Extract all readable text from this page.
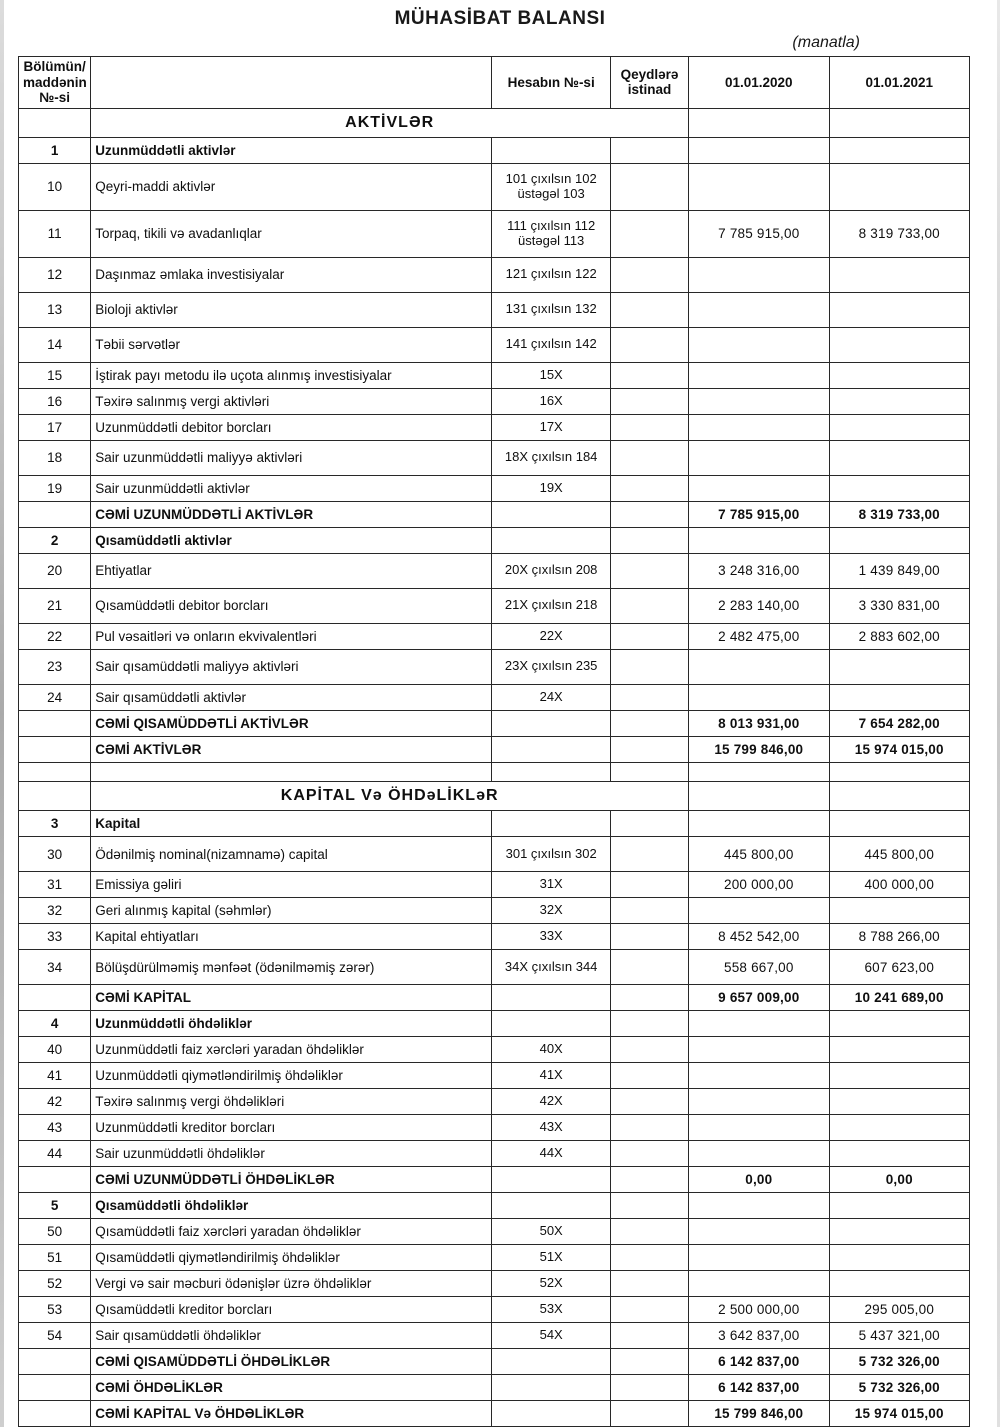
MÜHASİBAT BALANSI
(manatla)
Bölümün/ maddənin №-si		Hesabın №-si	Qeydlərə istinad	01.01.2020	01.01.2021
	AKTİVLƏR				
1	Uzunmüddətli aktivlər				
10	Qeyri-maddi aktivlər	101 çıxılsın 102 üstəgəl 103			
11	Torpaq, tikili və avadanlıqlar	111 çıxılsın 112 üstəgəl 113		7 785 915,00	8 319 733,00
12	Daşınmaz əmlaka investisiyalar	121 çıxılsın 122			
13	Bioloji aktivlər	131 çıxılsın 132			
14	Təbii sərvətlər	141 çıxılsın 142			
15	İştirak payı metodu ilə uçota alınmış investisiyalar	15X			
16	Təxirə salınmış vergi aktivləri	16X			
17	Uzunmüddətli debitor borcları	17X			
18	Sair uzunmüddətli maliyyə aktivləri	18X çıxılsın 184			
19	Sair uzunmüddətli aktivlər	19X			
	CƏMİ UZUNMÜDDƏTLİ AKTİVLƏR			7 785 915,00	8 319 733,00
2	Qısamüddətli aktivlər				
20	Ehtiyatlar	20X çıxılsın 208		3 248 316,00	1 439 849,00
21	Qısamüddətli debitor borcları	21X çıxılsın 218		2 283 140,00	3 330 831,00
22	Pul vəsaitləri və onların ekvivalentləri	22X		2 482 475,00	2 883 602,00
23	Sair qısamüddətli maliyyə aktivləri	23X çıxılsın 235			
24	Sair qısamüddətli aktivlər	24X			
	CƏMİ QISAMÜDDƏTLİ AKTİVLƏR			8 013 931,00	7 654 282,00
	CƏMİ AKTİVLƏR			15 799 846,00	15 974 015,00

	KAPİTAL Və ÖHDəLİKLəR				
3	Kapital				
30	Ödənilmiş nominal(nizamnamə) capital	301 çıxılsın 302		445 800,00	445 800,00
31	Emissiya gəliri	31X		200 000,00	400 000,00
32	Geri alınmış kapital (səhmlər)	32X			
33	Kapital ehtiyatları	33X		8 452 542,00	8 788 266,00
34	Bölüşdürülməmiş mənfəət (ödənilməmiş zərər)	34X çıxılsın 344		558 667,00	607 623,00
	CƏMİ KAPİTAL			9 657 009,00	10 241 689,00
4	Uzunmüddətli öhdəliklər				
40	Uzunmüddətli faiz xərcləri yaradan öhdəliklər	40X			
41	Uzunmüddətli qiymətləndirilmiş öhdəliklər	41X			
42	Təxirə salınmış vergi öhdəlikləri	42X			
43	Uzunmüddətli kreditor borcları	43X			
44	Sair uzunmüddətli öhdəliklər	44X			
	CƏMİ UZUNMÜDDƏTLİ ÖHDƏLİKLƏR			0,00	0,00
5	Qısamüddətli öhdəliklər				
50	Qısamüddətli faiz xərcləri yaradan öhdəliklər	50X			
51	Qısamüddətli qiymətləndirilmiş öhdəliklər	51X			
52	Vergi və sair məcburi ödənişlər üzrə öhdəliklər	52X			
53	Qısamüddətli kreditor borcları	53X		2 500 000,00	295 005,00
54	Sair qısamüddətli öhdəliklər	54X		3 642 837,00	5 437 321,00
	CƏMİ QISAMÜDDƏTLİ ÖHDƏLİKLƏR			6 142 837,00	5 732 326,00
	CƏMİ ÖHDƏLİKLƏR			6 142 837,00	5 732 326,00
	CƏMİ KAPİTAL Və ÖHDƏLİKLƏR			15 799 846,00	15 974 015,00
